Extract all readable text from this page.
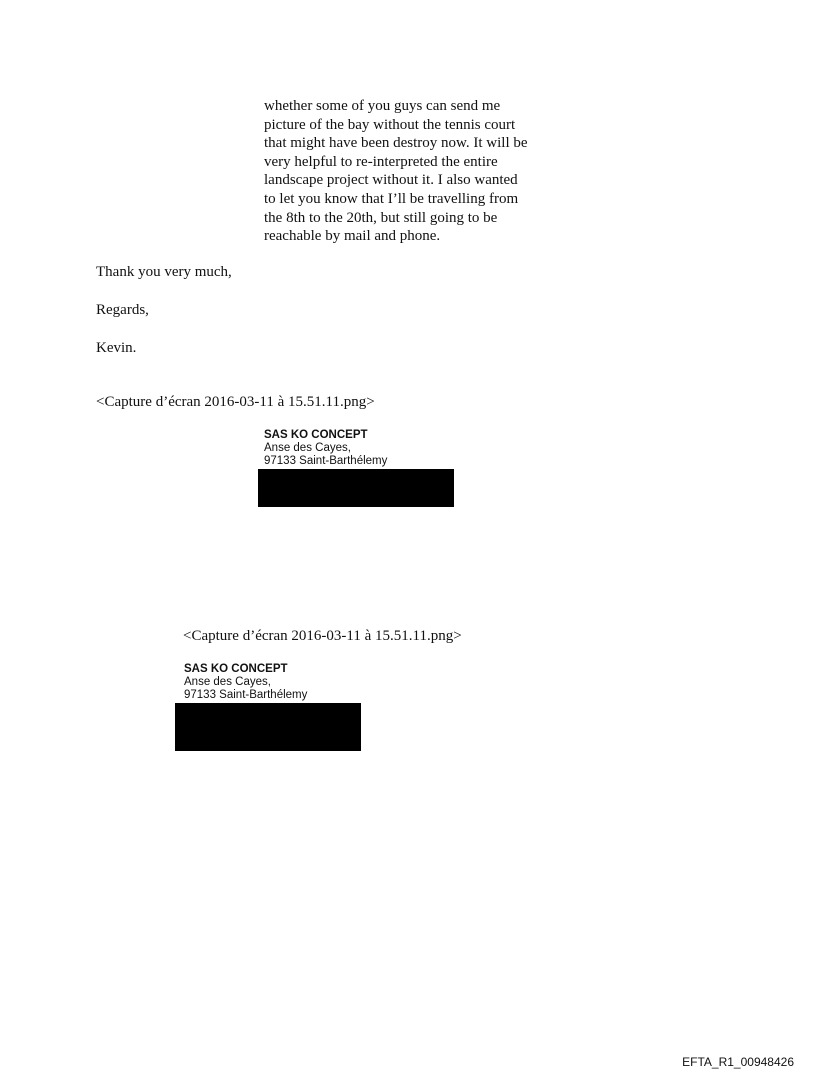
whether some of you guys can send me
picture of the bay without the tennis court
that might have been destroy now. It will be
very helpful to re-interpreted the entire
landscape project without it. I also wanted
to let you know that I’ll be travelling from
the 8th to the 20th, but still going to be
reachable by mail and phone.

Thank you very much,

Regards,

Kevin.

<Capture d’écran 2016-03-11 à 15.51.11.png>

SAS KO CONCEPT
Anse des Cayes,
97133 Saint-Barthélemy

<Capture d’écran 2016-03-11 à 15.51.11.png>

SAS KO CONCEPT
Anse des Cayes,
97133 Saint-Barthélemy
EFTA_R1_00948426
